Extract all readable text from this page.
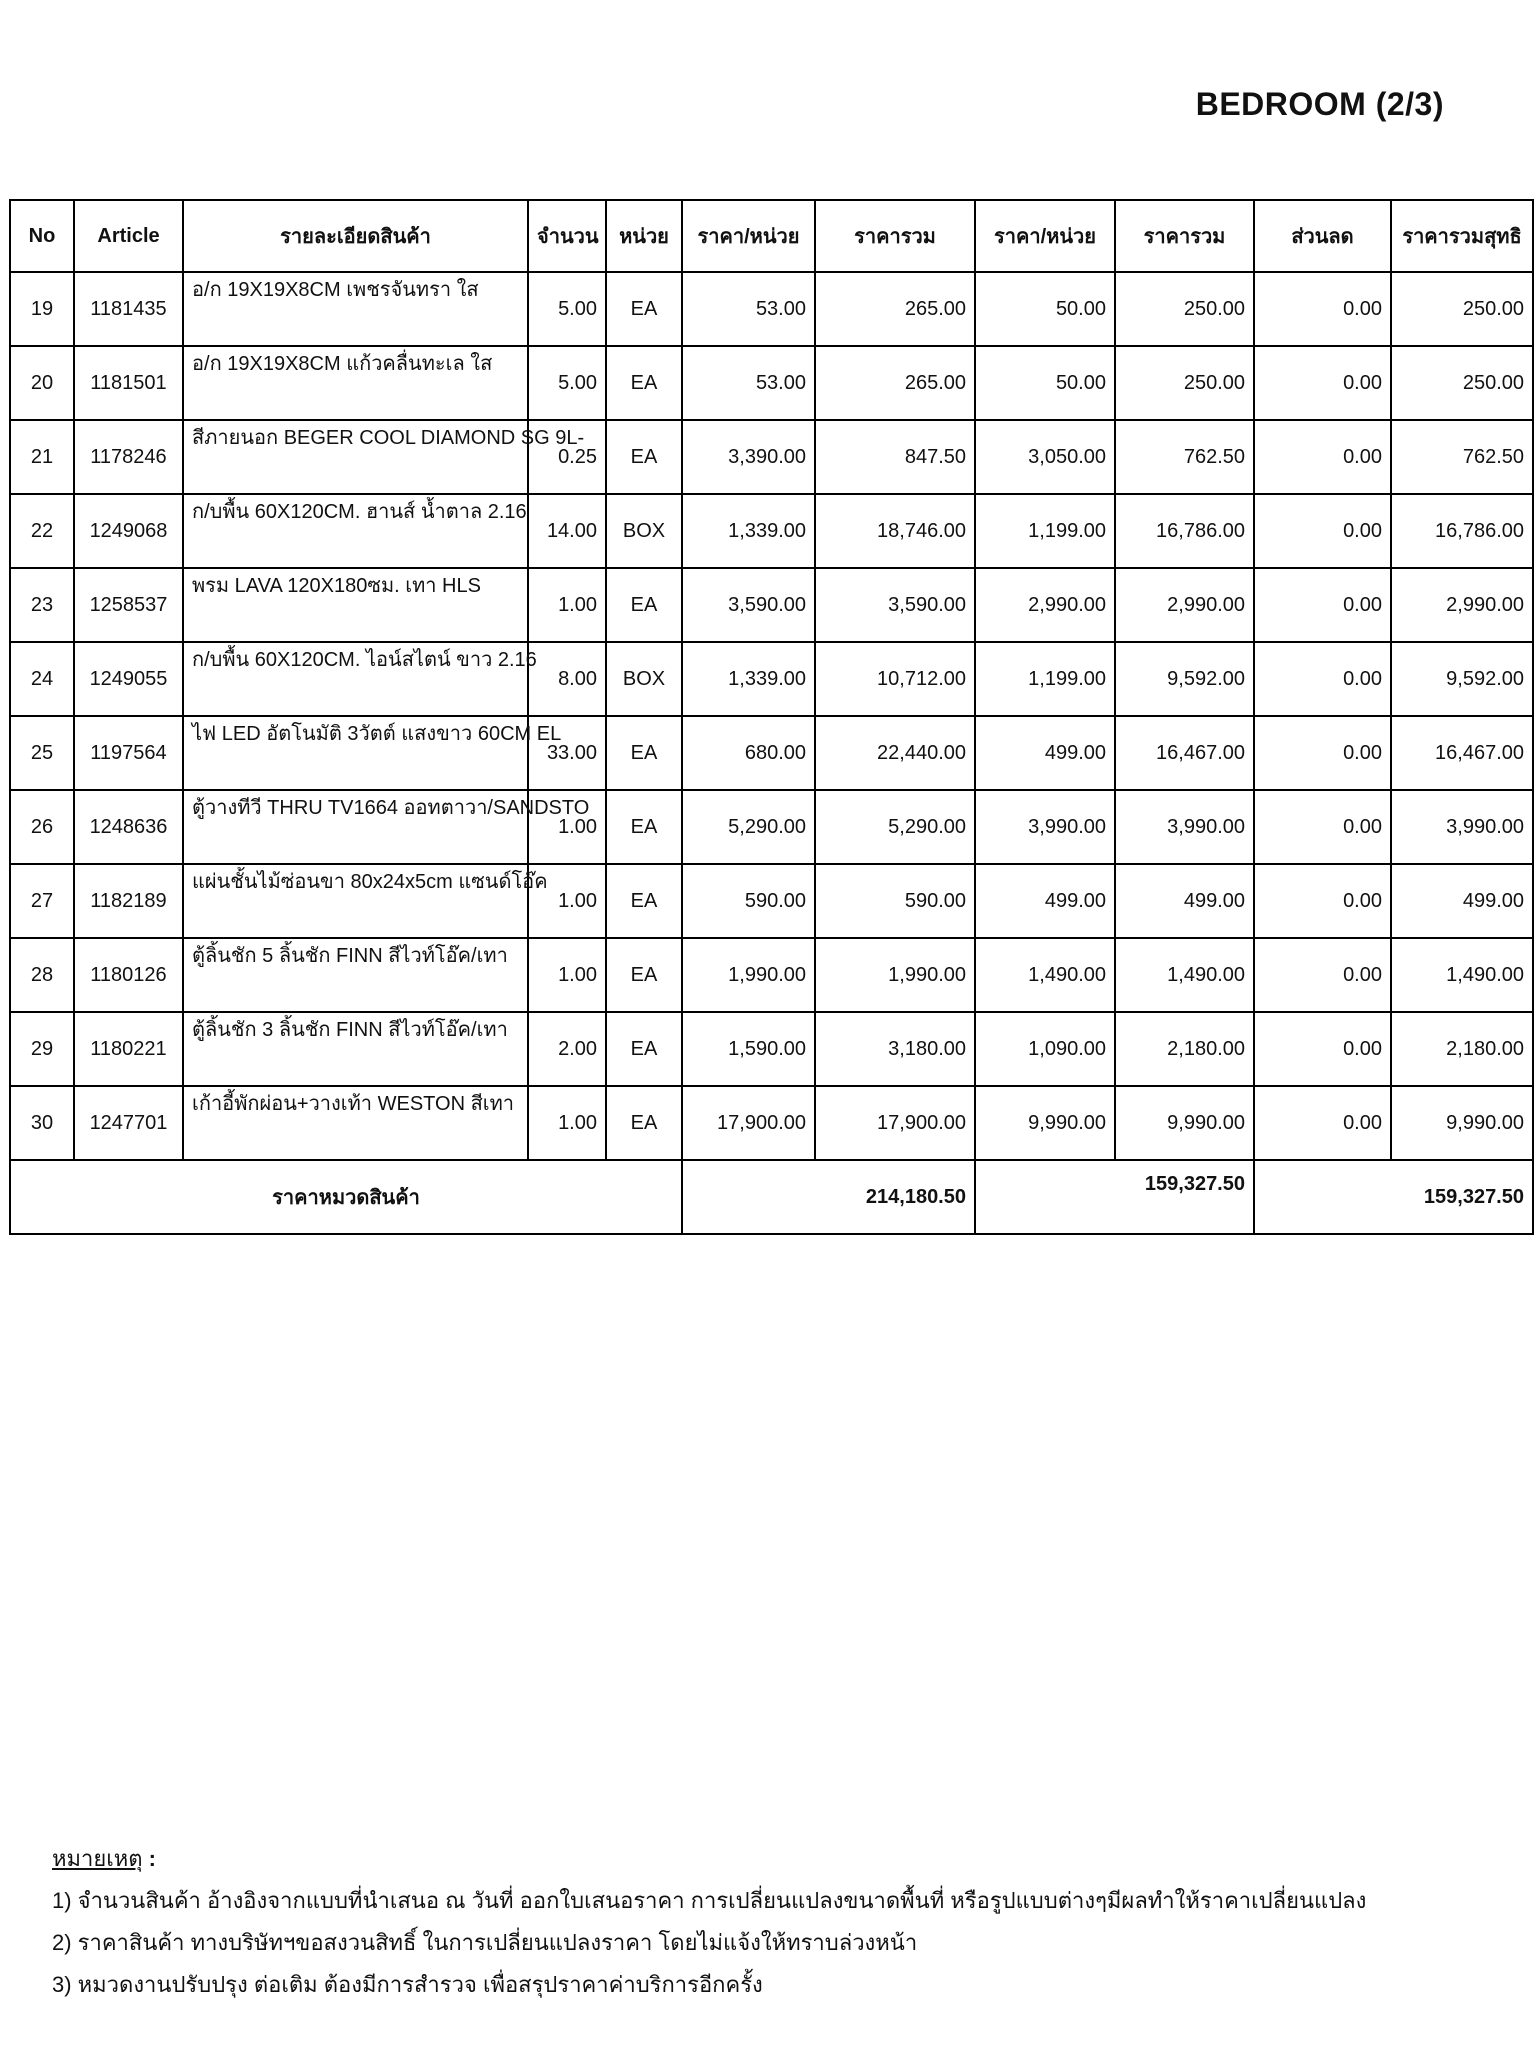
BEDROOM (2/3)
No	Article	รายละเอียดสินค้า	จำนวน	หน่วย	ราคา/หน่วย	ราคารวม	ราคา/หน่วย	ราคารวม	ส่วนลด	ราคารวมสุทธิ
19	1181435	อ/ก 19X19X8CM เพชรจันทรา ใส	5.00	EA	53.00	265.00	50.00	250.00	0.00	250.00
20	1181501	อ/ก 19X19X8CM แก้วคลื่นทะเล ใส	5.00	EA	53.00	265.00	50.00	250.00	0.00	250.00
21	1178246	สีภายนอก BEGER COOL DIAMOND SG 9L-	0.25	EA	3,390.00	847.50	3,050.00	762.50	0.00	762.50
22	1249068	ก/บพื้น 60X120CM. ฮานส์ น้ำตาล 2.16	14.00	BOX	1,339.00	18,746.00	1,199.00	16,786.00	0.00	16,786.00
23	1258537	พรม LAVA 120X180ซม. เทา HLS	1.00	EA	3,590.00	3,590.00	2,990.00	2,990.00	0.00	2,990.00
24	1249055	ก/บพื้น 60X120CM. ไอน์สไตน์ ขาว 2.16	8.00	BOX	1,339.00	10,712.00	1,199.00	9,592.00	0.00	9,592.00
25	1197564	ไฟ LED อัตโนมัติ 3วัตต์ แสงขาว 60CM EL	33.00	EA	680.00	22,440.00	499.00	16,467.00	0.00	16,467.00
26	1248636	ตู้วางทีวี THRU TV1664 ออทตาวา/SANDSTO	1.00	EA	5,290.00	5,290.00	3,990.00	3,990.00	0.00	3,990.00
27	1182189	แผ่นชั้นไม้ซ่อนขา 80x24x5cm แซนด์โอ๊ค	1.00	EA	590.00	590.00	499.00	499.00	0.00	499.00
28	1180126	ตู้ลิ้นชัก 5 ลิ้นชัก FINN สีไวท์โอ๊ค/เทา	1.00	EA	1,990.00	1,990.00	1,490.00	1,490.00	0.00	1,490.00
29	1180221	ตู้ลิ้นชัก 3 ลิ้นชัก FINN สีไวท์โอ๊ค/เทา	2.00	EA	1,590.00	3,180.00	1,090.00	2,180.00	0.00	2,180.00
30	1247701	เก้าอี้พักผ่อน+วางเท้า WESTON สีเทา	1.00	EA	17,900.00	17,900.00	9,990.00	9,990.00	0.00	9,990.00
ราคาหมวดสินค้า					214,180.50		159,327.50		159,327.50	
หมายเหตุ :
1) จำนวนสินค้า อ้างอิงจากแบบที่นำเสนอ ณ วันที่ ออกใบเสนอราคา การเปลี่ยนแปลงขนาดพื้นที่ หรือรูปแบบต่างๆมีผลทำให้ราคาเปลี่ยนแปลง
2) ราคาสินค้า ทางบริษัทฯขอสงวนสิทธิ์ ในการเปลี่ยนแปลงราคา โดยไม่แจ้งให้ทราบล่วงหน้า
3) หมวดงานปรับปรุง ต่อเติม ต้องมีการสำรวจ เพื่อสรุปราคาค่าบริการอีกครั้ง
